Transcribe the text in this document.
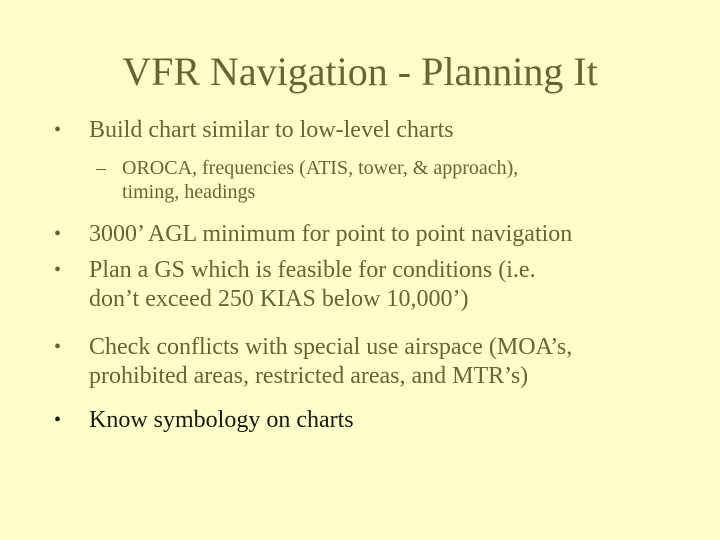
VFR Navigation - Planning It
• Build chart similar to low-level charts
– OROCA, frequencies (ATIS, tower, & approach),
timing, headings
• 3000’ AGL minimum for point to point navigation
• Plan a GS which is feasible for conditions (i.e.
don’t exceed 250 KIAS below 10,000’)
• Check conflicts with special use airspace (MOA’s,
prohibited areas, restricted areas, and MTR’s)
• Know symbology on charts
